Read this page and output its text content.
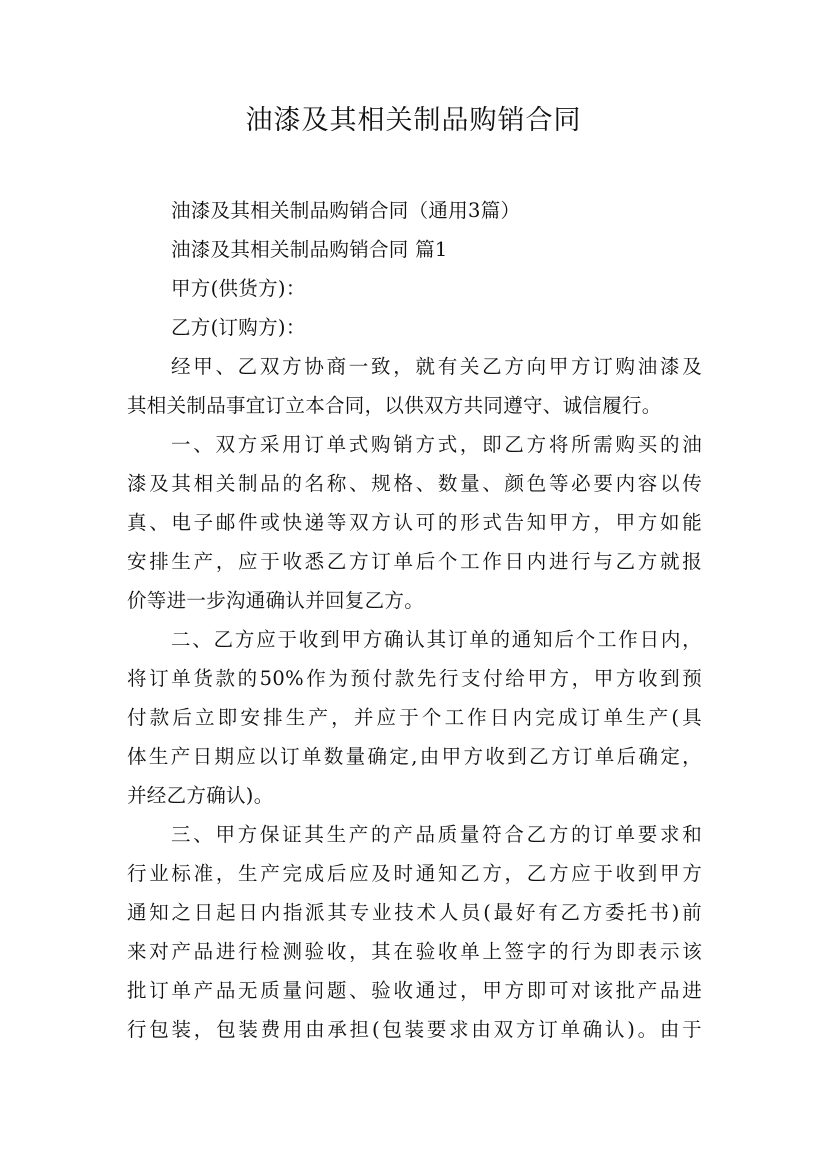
油漆及其相关制品购销合同
油漆及其相关制品购销合同（通用3篇）
油漆及其相关制品购销合同 篇1
甲方(供货方)：
乙方(订购方)：
经甲、乙双方协商一致，就有关乙方向甲方订购油漆及
其相关制品事宜订立本合同，以供双方共同遵守、诚信履行。
一、双方采用订单式购销方式，即乙方将所需购买的油
漆及其相关制品的名称、规格、数量、颜色等必要内容以传
真、电子邮件或快递等双方认可的形式告知甲方，甲方如能
安排生产，应于收悉乙方订单后个工作日内进行与乙方就报
价等进一步沟通确认并回复乙方。
二、乙方应于收到甲方确认其订单的通知后个工作日内，
将订单货款的50%作为预付款先行支付给甲方，甲方收到预
付款后立即安排生产，并应于个工作日内完成订单生产(具
体生产日期应以订单数量确定,由甲方收到乙方订单后确定，
并经乙方确认)。
三、甲方保证其生产的产品质量符合乙方的订单要求和
行业标准，生产完成后应及时通知乙方，乙方应于收到甲方
通知之日起日内指派其专业技术人员(最好有乙方委托书)前
来对产品进行检测验收，其在验收单上签字的行为即表示该
批订单产品无质量问题、验收通过，甲方即可对该批产品进
行包装，包装费用由承担(包装要求由双方订单确认)。由于
